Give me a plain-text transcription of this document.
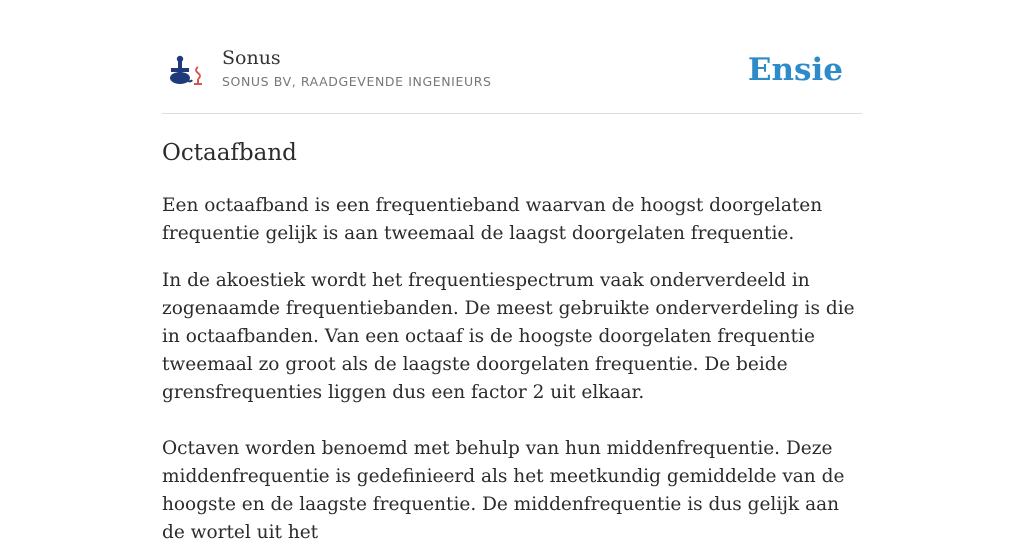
Sonus
SONUS BV, RAADGEVENDE INGENIEURS	Ensie
Octaafband

Een octaafband is een frequentieband waarvan de hoogst doorgelaten frequentie gelijk is aan tweemaal de laagst doorgelaten frequentie.

In de akoestiek wordt het frequentiespectrum vaak onderverdeeld in zogenaamde frequentiebanden. De meest gebruikte onderverdeling is die in octaafbanden. Van een octaaf is de hoogste doorgelaten frequentie tweemaal zo groot als de laagste doorgelaten frequentie. De beide grensfrequenties liggen dus een factor 2 uit elkaar.
Octaven worden benoemd met behulp van hun middenfrequentie. Deze middenfrequentie is gedefinieerd als het meetkundig gemiddelde van de hoogste en de laagste frequentie. De middenfrequentie is dus gelijk aan de wortel uit het
